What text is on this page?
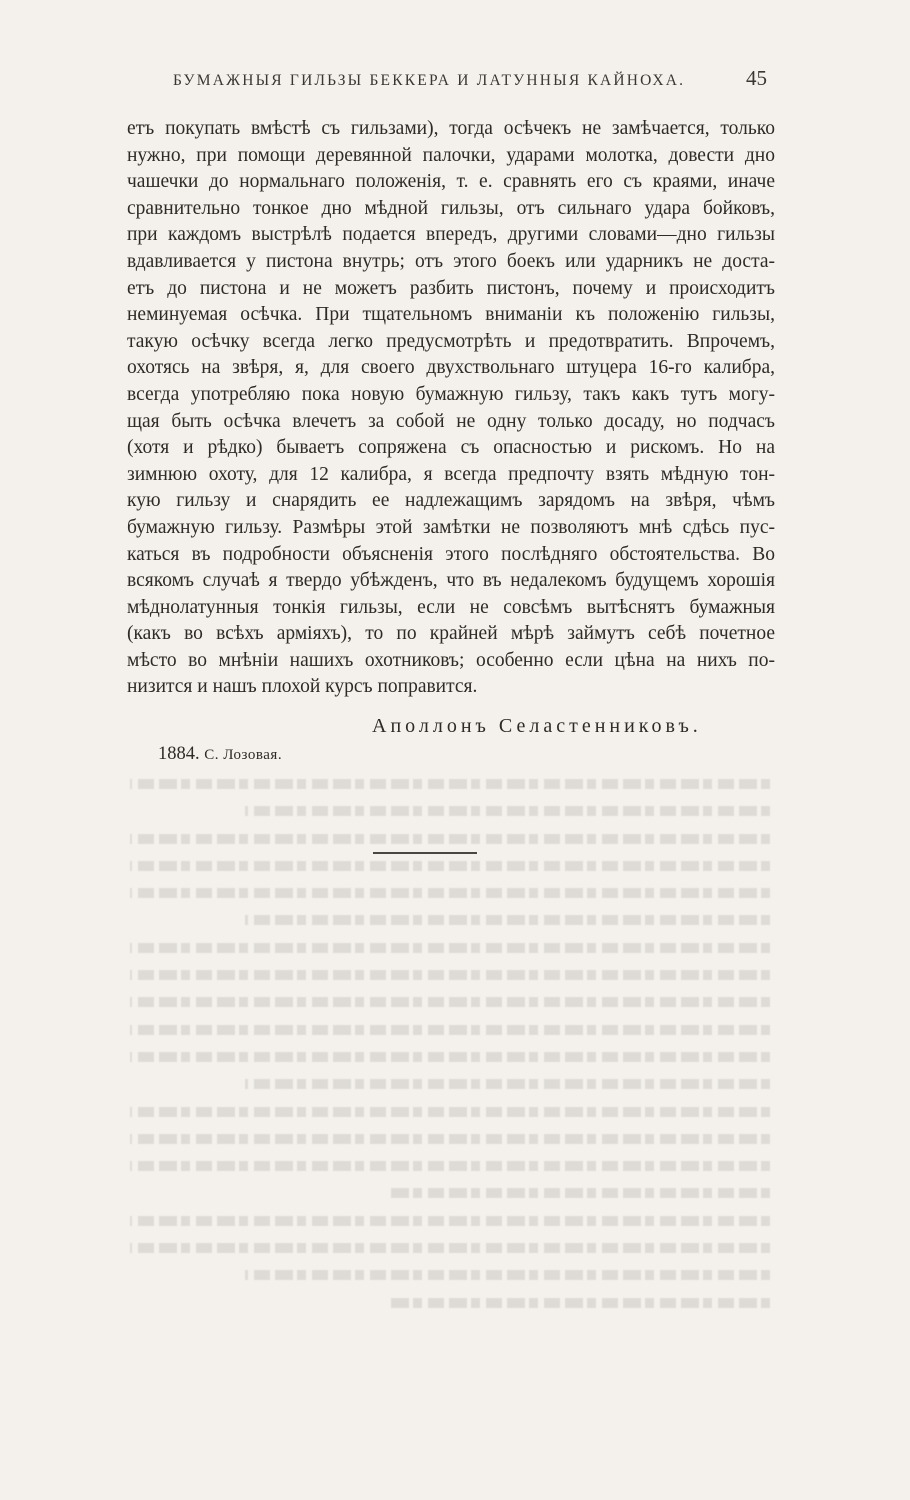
БУМАЖНЫЯ ГИЛЬЗЫ БЕККЕРА И ЛАТУННЫЯ КАЙНОХА.	45
етъ покупать вмѣстѣ съ гильзами), тогда осѣчекъ не замѣчается, только
нужно, при помощи деревянной палочки, ударами молотка, довести дно
чашечки до нормальнаго положенія, т. е. сравнять его съ краями, иначе
сравнительно тонкое дно мѣдной гильзы, отъ сильнаго удара бойковъ,
при каждомъ выстрѣлѣ подается впередъ, другими словами—дно гильзы
вдавливается у пистона внутрь; отъ этого боекъ или ударникъ не доста-
етъ до пистона и не можетъ разбить пистонъ, почему и происходитъ
неминуемая осѣчка. При тщательномъ вниманіи къ положенію гильзы,
такую осѣчку всегда легко предусмотрѣть и предотвратить. Впрочемъ,
охотясь на звѣря, я, для своего двухствольнаго штуцера 16-го калибра,
всегда употребляю пока новую бумажную гильзу, такъ какъ тутъ могу-
щая быть осѣчка влечетъ за собой не одну только досаду, но подчасъ
(хотя и рѣдко) бываетъ сопряжена съ опасностью и рискомъ. Но на
зимнюю охоту, для 12 калибра, я всегда предпочту взять мѣдную тон-
кую гильзу и снарядить ее надлежащимъ зарядомъ на звѣря, чѣмъ
бумажную гильзу. Размѣры этой замѣтки не позволяютъ мнѣ сдѣсь пус-
каться въ подробности объясненія этого послѣдняго обстоятельства. Во
всякомъ случаѣ я твердо убѣжденъ, что въ недалекомъ будущемъ хорошія
мѣднолатунныя тонкія гильзы, если не совсѣмъ вытѣснятъ бумажныя
(какъ во всѣхъ арміяхъ), то по крайней мѣрѣ займутъ себѣ почетное
мѣсто во мнѣніи нашихъ охотниковъ; особенно если цѣна на нихъ по-
низится и нашъ плохой курсъ поправится.
Аполлонъ Селастенниковъ.
1884. С. Лозовая.
